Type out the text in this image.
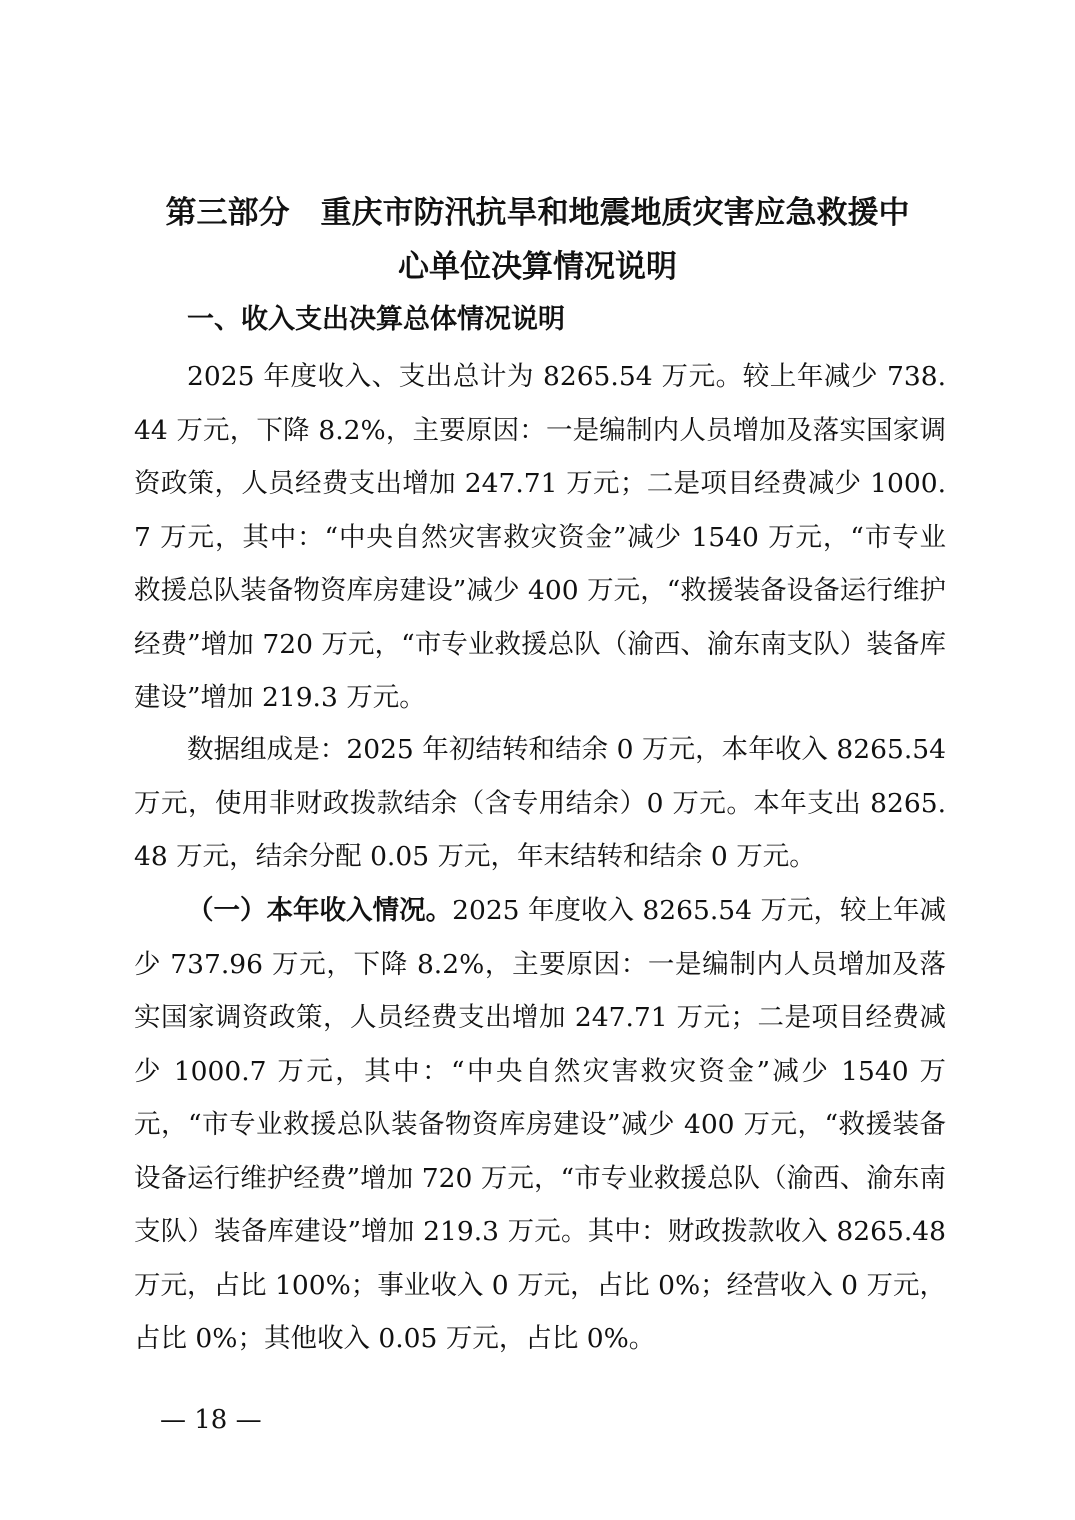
第三部分　重庆市防汛抗旱和地震地质灾害应急救援中
心单位决算情况说明
一、收入支出决算总体情况说明
2025 年度收入、支出总计为 8265.54 万元。较上年减少 738.44 万元，下降 8.2%，主要原因：一是编制内人员增加及落实国家调资政策，人员经费支出增加 247.71 万元；二是项目经费减少 1000.7 万元，其中：“中央自然灾害救灾资金”减少 1540 万元，“市专业救援总队装备物资库房建设”减少 400 万元，“救援装备设备运行维护经费”增加 720 万元，“市专业救援总队（渝西、渝东南支队）装备库建设”增加 219.3 万元。
数据组成是：2025 年初结转和结余 0 万元，本年收入 8265.54 万元，使用非财政拨款结余（含专用结余）0 万元。本年支出 8265.48 万元，结余分配 0.05 万元，年末结转和结余 0 万元。
（一）本年收入情况。2025 年度收入 8265.54 万元，较上年减少 737.96 万元，下降 8.2%，主要原因：一是编制内人员增加及落实国家调资政策，人员经费支出增加 247.71 万元；二是项目经费减少 1000.7 万元，其中：“中央自然灾害救灾资金”减少 1540 万元，“市专业救援总队装备物资库房建设”减少 400 万元，“救援装备设备运行维护经费”增加 720 万元，“市专业救援总队（渝西、渝东南支队）装备库建设”增加 219.3 万元。其中：财政拨款收入 8265.48 万元，占比 100%；事业收入 0 万元，占比 0%；经营收入 0 万元，占比 0%；其他收入 0.05 万元，占比 0%。
— 18 —
